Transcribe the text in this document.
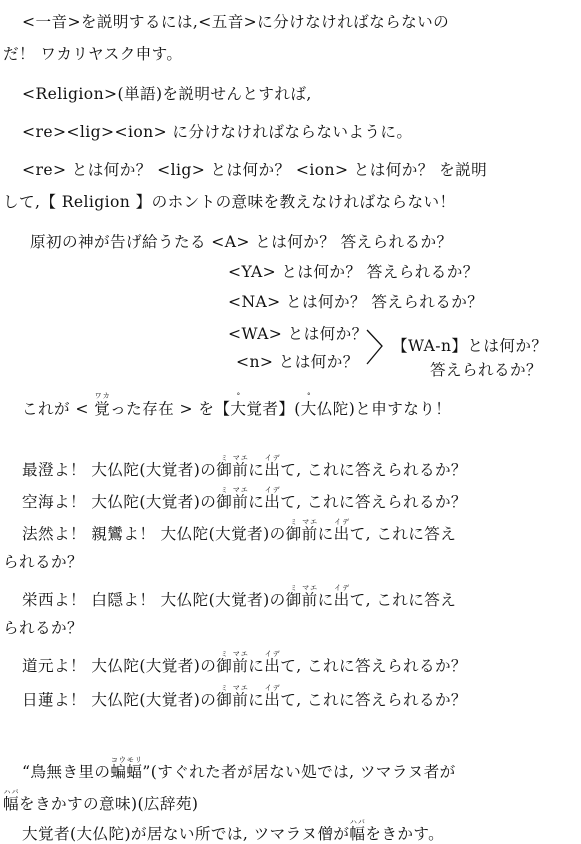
<一音>を説明するには,<五音>に分けなければならないの
だ！ ワカリヤスク申す。
<Religion>(単語)を説明せんとすれば,
<re><lig><ion> に分けなければならないように。
<re> とは何か？ <lig> とは何か？ <ion> とは何か？ を説明
して,【 Religion 】のホントの意味を教えなければならない！
原初の神が告げ給うたる <A> とは何か？ 答えられるか？
<YA> とは何か？ 答えられるか？
<NA> とは何か？ 答えられるか？
<WA> とは何か？
<n> とは何か？
【WA-n】とは何か？
答えられるか？
これが < 覚ワカった存在 > を【大°覚者】(大°仏陀)と申すなり！
最澄よ！ 大仏陀(大覚者)の御ミ前マエに出イデて, これに答えられるか？
空海よ！ 大仏陀(大覚者)の御ミ前マエに出イデて, これに答えられるか？
法然よ！ 親鸞よ！ 大仏陀(大覚者)の御ミ前マエに出イデて, これに答え
られるか？
栄西よ！ 白隠よ！ 大仏陀(大覚者)の御ミ前マエに出イデて, これに答え
られるか？
道元よ！ 大仏陀(大覚者)の御ミ前マエに出イデて, これに答えられるか？
日蓮よ！ 大仏陀(大覚者)の御ミ前マエに出イデて, これに答えられるか？
“鳥無き里の蝙蝠コウモリ”(すぐれた者が居ない処では, ツマラヌ者が
幅ハバをきかすの意味)(広辞苑)
大覚者(大仏陀)が居ない所では, ツマラヌ僧が幅ハバをきかす。
